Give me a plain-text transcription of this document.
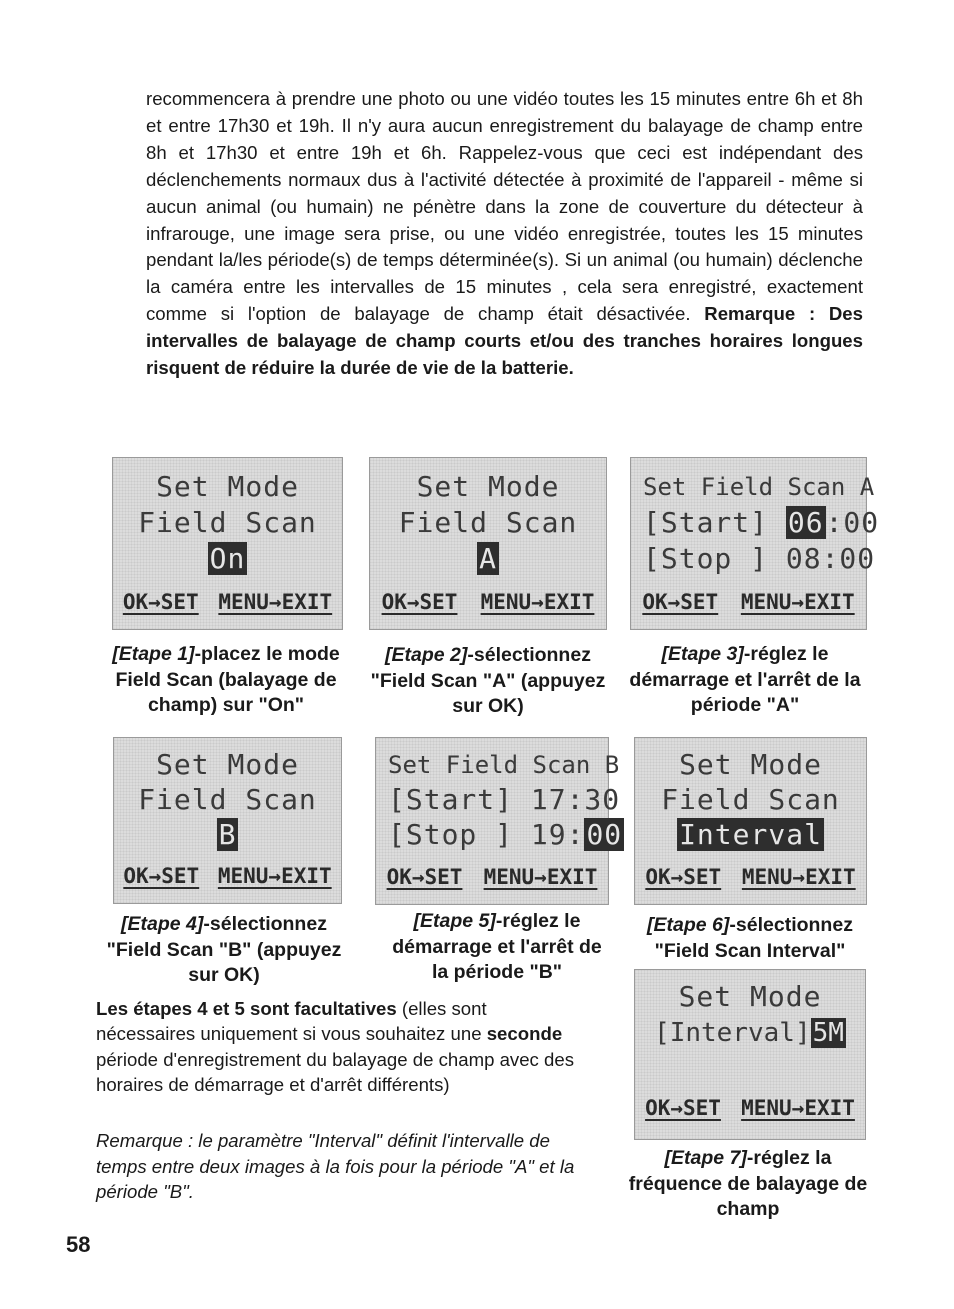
recommencera à prendre une photo ou une vidéo toutes les 15 minutes entre 6h et 8h et entre 17h30 et 19h. Il n'y aura aucun enregistrement du balayage de champ entre 8h et 17h30 et entre 19h et 6h. Rappelez-vous que ceci est indépendant des déclenchements normaux dus à l'activité détectée à proximité de l'appareil - même si aucun animal (ou humain) ne pénètre dans la zone de couverture du détecteur à infrarouge, une image sera prise, ou une vidéo enregistrée, toutes les 15 minutes pendant la/les période(s) de temps déterminée(s). Si un animal (ou humain) déclenche la caméra entre les intervalles de 15 minutes , cela sera enregistré, exactement comme si l'option de balayage de champ était désactivée. Remarque : Des intervalles de balayage de champ courts et/ou des tranches horaires longues risquent de réduire la durée de vie de la batterie.

Set Mode
Field Scan
On
OK→SET MENU→EXIT
Set Mode
Field Scan
A
OK→SET MENU→EXIT
Set Field Scan A
[Start] 06:00
[Stop ] 08:00
OK→SET MENU→EXIT
[Etape 1]-placez le mode Field Scan (balayage de champ) sur "On"
[Etape 2]-sélectionnez "Field Scan "A" (appuyez sur OK)
[Etape 3]-réglez le démarrage et l'arrêt de la période "A"
Set Mode
Field Scan
B
OK→SET MENU→EXIT
Set Field Scan B
[Start] 17:30
[Stop ] 19:00
OK→SET MENU→EXIT
Set Mode
Field Scan
Interval
OK→SET MENU→EXIT
[Etape 4]-sélectionnez "Field Scan "B" (appuyez sur OK)
[Etape 5]-réglez le démarrage et l'arrêt de la période "B"
[Etape 6]-sélectionnez "Field Scan Interval"

Les étapes 4 et 5 sont facultatives (elles sont nécessaires uniquement si vous souhaitez une seconde période d'enregistrement du balayage de champ avec des horaires de démarrage et d'arrêt différents)

Remarque : le paramètre "Interval" définit l'intervalle de temps entre deux images à la fois pour la période "A" et la période "B".

Set Mode
[Interval]5M
OK→SET MENU→EXIT
[Etape 7]-réglez la fréquence de balayage de champ
58
